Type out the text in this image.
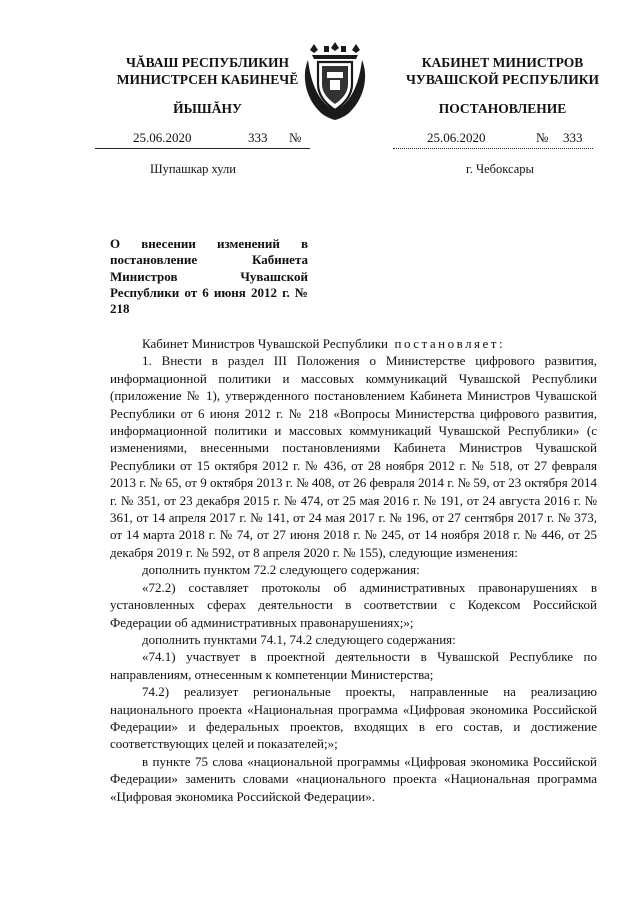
ЧĂВАШ РЕСПУБЛИКИН
МИНИСТРСЕН КАБИНЕЧĔ
ЙЫШĂНУ
КАБИНЕТ МИНИСТРОВ
ЧУВАШСКОЙ РЕСПУБЛИКИ
ПОСТАНОВЛЕНИЕ
25.06.2020	333 №	25.06.2020	№ 333
Шупашкар хули	г. Чебоксары
О внесении изменений в постановление Кабинета Министров Чувашской Республики от 6 июня 2012 г. № 218

Кабинет Министров Чувашской Республики постановляет:

1. Внести в раздел III Положения о Министерстве цифрового развития, информационной политики и массовых коммуникаций Чувашской Республики (приложение № 1), утвержденного постановлением Кабинета Министров Чувашской Республики от 6 июня 2012 г. № 218 «Вопросы Министерства цифрового развития, информационной политики и массовых коммуникаций Чувашской Республики» (с изменениями, внесенными постановлениями Кабинета Министров Чувашской Республики от 15 октября 2012 г. № 436, от 28 ноября 2012 г. № 518, от 27 февраля 2013 г. № 65, от 9 октября 2013 г. № 408, от 26 февраля 2014 г. № 59, от 23 октября 2014 г. № 351, от 23 декабря 2015 г. № 474, от 25 мая 2016 г. № 191, от 24 августа 2016 г. № 361, от 14 апреля 2017 г. № 141, от 24 мая 2017 г. № 196, от 27 сентября 2017 г. № 373, от 14 марта 2018 г. № 74, от 27 июня 2018 г. № 245, от 14 ноября 2018 г. № 446, от 25 декабря 2019 г. № 592, от 8 апреля 2020 г. № 155), следующие изменения:

дополнить пунктом 72.2 следующего содержания:

«72.2) составляет протоколы об административных правонарушениях в установленных сферах деятельности в соответствии с Кодексом Российской Федерации об административных правонарушениях;»;

дополнить пунктами 74.1, 74.2 следующего содержания:

«74.1) участвует в проектной деятельности в Чувашской Республике по направлениям, отнесенным к компетенции Министерства;

74.2) реализует региональные проекты, направленные на реализацию национального проекта «Национальная программа «Цифровая экономика Российской Федерации» и федеральных проектов, входящих в его состав, и достижение соответствующих целей и показателей;»;

в пункте 75 слова «национальной программы «Цифровая экономика Российской Федерации» заменить словами «национального проекта «Национальная программа «Цифровая экономика Российской Федерации».
